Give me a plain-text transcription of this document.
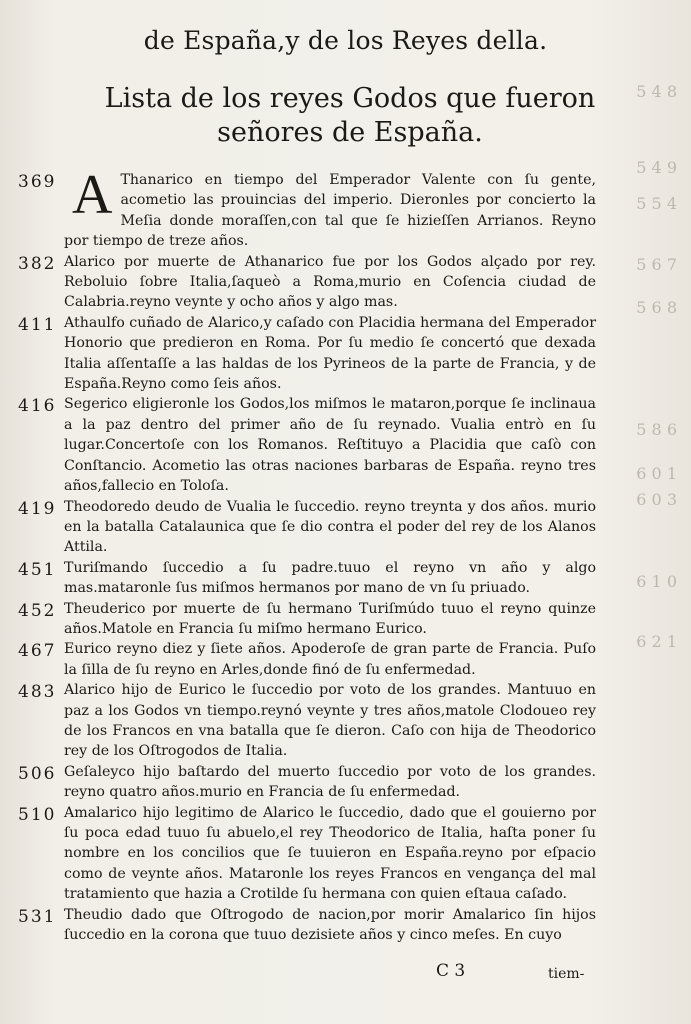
5 4 8
5 4 9
5 5 4
5 6 7
5 6 8
5 8 6
6 0 1
6 0 3
6 1 0
6 2 1
de España,y de los Reyes della.
Lista de los reyes Godos que fueron señores de España.
369 A Thanarico en tiempo del Emperador Valente con ſu gente, acometio las prouincias del imperio. Dieronles por concierto la Meſia donde moraſſen,con tal que ſe hizieſſen Arrianos. Reyno por tiempo de treze años.
382 Alarico por muerte de Athanarico fue por los Godos alçado por rey. Reboluio ſobre Italia,ſaqueò a Roma,murio en Coſencia ciudad de Calabria.reyno veynte y ocho años y algo mas.
411 Athaulfo cuñado de Alarico,y caſado con Placidia hermana del Emperador Honorio que predieron en Roma. Por ſu medio ſe concertó que dexada Italia aſſentaſſe a las haldas de los Pyrineos de la parte de Francia, y de España.Reyno como ſeis años.
416 Segerico eligieronle los Godos,los miſmos le mataron,porque ſe inclinaua a la paz dentro del primer año de ſu reynado. Vualia entrò en ſu lugar.Concertoſe con los Romanos. Reſtituyo a Placidia que caſò con Conſtancio. Acometio las otras naciones barbaras de España. reyno tres años,fallecio en Toloſa.
419 Theodoredo deudo de Vualia le ſuccedio. reyno treynta y dos años. murio en la batalla Catalaunica que ſe dio contra el poder del rey de los Alanos Attila.
451 Turiſmando ſuccedio a ſu padre.tuuo el reyno vn año y algo mas.mataronle ſus miſmos hermanos por mano de vn ſu priuado.
452 Theuderico por muerte de ſu hermano Turiſmúdo tuuo el reyno quinze años.Matole en Francia ſu miſmo hermano Eurico.
467 Eurico reyno diez y ſiete años. Apoderoſe de gran parte de Francia. Puſo la ſilla de ſu reyno en Arles,donde finó de ſu enfermedad.
483 Alarico hijo de Eurico le ſuccedio por voto de los grandes. Mantuuo en paz a los Godos vn tiempo.reynó veynte y tres años,matole Clodoueo rey de los Francos en vna batalla que ſe dieron. Caſo con hija de Theodorico rey de los Oſtrogodos de Italia.
506 Geſaleyco hijo baſtardo del muerto ſuccedio por voto de los grandes. reyno quatro años.murio en Francia de ſu enfermedad.
510 Amalarico hijo legitimo de Alarico le ſuccedio, dado que el gouierno por ſu poca edad tuuo ſu abuelo,el rey Theodorico de Italia, haſta poner ſu nombre en los concilios que ſe tuuieron en España.reyno por eſpacio como de veynte años. Mataronle los reyes Francos en vengança del mal tratamiento que hazia a Crotilde ſu hermana con quien eſtaua caſado.
531 Theudio dado que Oſtrogodo de nacion,por morir Amalarico ſin hijos ſuccedio en la corona que tuuo dezisiete años y cinco meſes. En cuyo
C 3	tiem-
